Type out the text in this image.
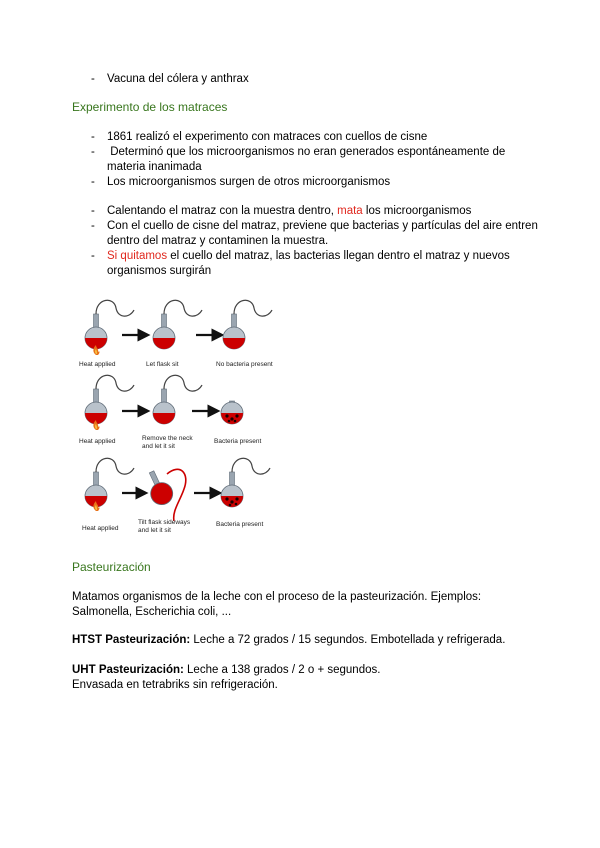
- Vacuna del cólera y anthrax
Experimento de los matraces
- 1861 realizó el experimento con matraces con cuellos de cisne
- Determinó que los microorganismos no eran generados espontáneamente de
materia inanimada
- Los microorganismos surgen de otros microorganismos
- Calentando el matraz con la muestra dentro, mata los microorganismos
- Con el cuello de cisne del matraz, previene que bacterias y partículas del aire entren
dentro del matraz y contaminen la muestra.
- Si quitamos el cuello del matraz, las bacterias llegan dentro el matraz y nuevos
organismos surgirán
Heat applied	Let flask sit	No bacteria present
Heat applied	Remove the neck
and let it sit
Bacteria present
Heat applied
Tilt flask sideways
and let it sit
Bacteria present
Pasteurización
Matamos organismos de la leche con el proceso de la pasteurización. Ejemplos:
Salmonella, Escherichia coli, ...
HTST Pasteurización: Leche a 72 grados / 15 segundos. Embotellada y refrigerada.
UHT Pasteurización: Leche a 138 grados / 2 o + segundos.
Envasada en tetrabriks sin refrigeración.
